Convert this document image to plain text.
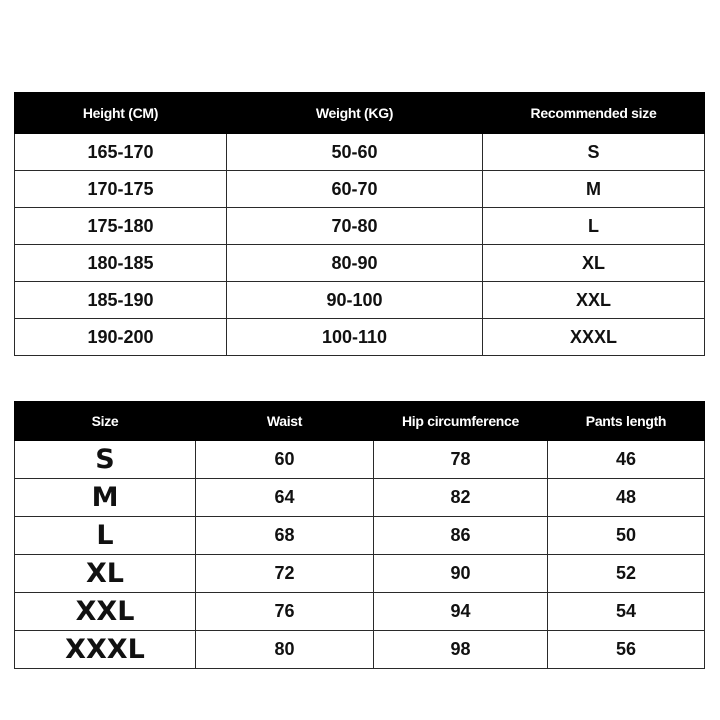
Height (CM)	Weight (KG)	Recommended size
165-170	50-60	S
170-175	60-70	M
175-180	70-80	L
180-185	80-90	XL
185-190	90-100	XXL
190-200	100-110	XXXL
Size	Waist	Hip circumference	Pants length
S	60	78	46
M	64	82	48
L	68	86	50
XL	72	90	52
XXL	76	94	54
XXXL	80	98	56
